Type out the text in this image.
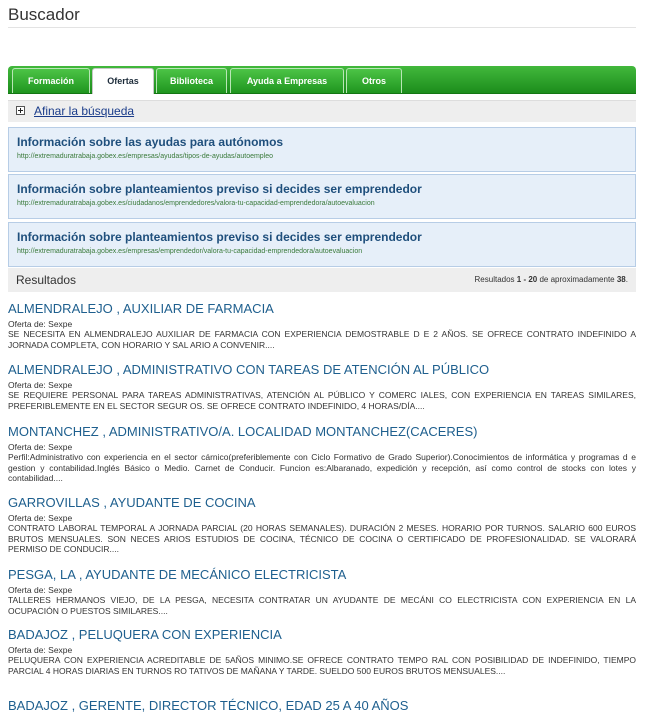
Buscador
Formación	Ofertas	Biblioteca	Ayuda a Empresas	Otros
Afinar la búsqueda
Información sobre las ayudas para autónomos
http://extremaduratrabaja.gobex.es/empresas/ayudas/tipos-de-ayudas/autoempleo
Información sobre planteamientos previso si decides ser emprendedor
http://extremaduratrabaja.gobex.es/ciudadanos/emprendedores/valora-tu-capacidad-emprendedora/autoevaluacion
Información sobre planteamientos previso si decides ser emprendedor
http://extremaduratrabaja.gobex.es/empresas/emprendedor/valora-tu-capacidad-emprendedora/autoevaluacion
Resultados	Resultados 1 - 20 de aproximadamente 38.
ALMENDRALEJO , AUXILIAR DE FARMACIA
Oferta de: Sexpe
SE NECESITA EN ALMENDRALEJO AUXILIAR DE FARMACIA CON EXPERIENCIA DEMOSTRABLE D E 2 AÑOS. SE OFRECE CONTRATO INDEFINIDO A JORNADA COMPLETA, CON HORARIO Y SAL ARIO A CONVENIR....
ALMENDRALEJO , ADMINISTRATIVO CON TAREAS DE ATENCIÓN AL PÚBLICO
Oferta de: Sexpe
SE REQUIERE PERSONAL PARA TAREAS ADMINISTRATIVAS, ATENCIÓN AL PÚBLICO Y COMERC IALES, CON EXPERIENCIA EN TAREAS SIMILARES, PREFERIBLEMENTE EN EL SECTOR SEGUR OS. SE OFRECE CONTRATO INDEFINIDO, 4 HORAS/DÍA....
MONTANCHEZ , ADMINISTRATIVO/A. LOCALIDAD MONTANCHEZ(CACERES)
Oferta de: Sexpe
Perfil:Administrativo con experiencia en el sector cárnico(preferiblemente con Ciclo Formativo de Grado Superior).Conocimientos de informática y programas d e gestion y contabilidad.Inglés Básico o Medio. Carnet de Conducir. Funcion es:Albaranado, expedición y recepción, así como control de stocks con lotes y contabilidad....
GARROVILLAS , AYUDANTE DE COCINA
Oferta de: Sexpe
CONTRATO LABORAL TEMPORAL A JORNADA PARCIAL (20 HORAS SEMANALES). DURACIÓN 2 MESES. HORARIO POR TURNOS. SALARIO 600 EUROS BRUTOS MENSUALES. SON NECES ARIOS ESTUDIOS DE COCINA, TÉCNICO DE COCINA O CERTIFICADO DE PROFESIONALIDAD. SE VALORARÁ PERMISO DE CONDUCIR....
PESGA, LA , AYUDANTE DE MECÁNICO ELECTRICISTA
Oferta de: Sexpe
TALLERES HERMANOS VIEJO, DE LA PESGA, NECESITA CONTRATAR UN AYUDANTE DE MECÁNI CO ELECTRICISTA CON EXPERIENCIA EN LA OCUPACIÓN O PUESTOS SIMILARES....
BADAJOZ , PELUQUERA CON EXPERIENCIA
Oferta de: Sexpe
PELUQUERA CON EXPERIENCIA ACREDITABLE DE 5AÑOS MINIMO.SE OFRECE CONTRATO TEMPO RAL CON POSIBILIDAD DE INDEFINIDO, TIEMPO PARCIAL 4 HORAS DIARIAS EN TURNOS RO TATIVOS DE MAÑANA Y TARDE. SUELDO 500 EUROS BRUTOS MENSUALES....
BADAJOZ , GERENTE, DIRECTOR TÉCNICO, EDAD 25 A 40 AÑOS
